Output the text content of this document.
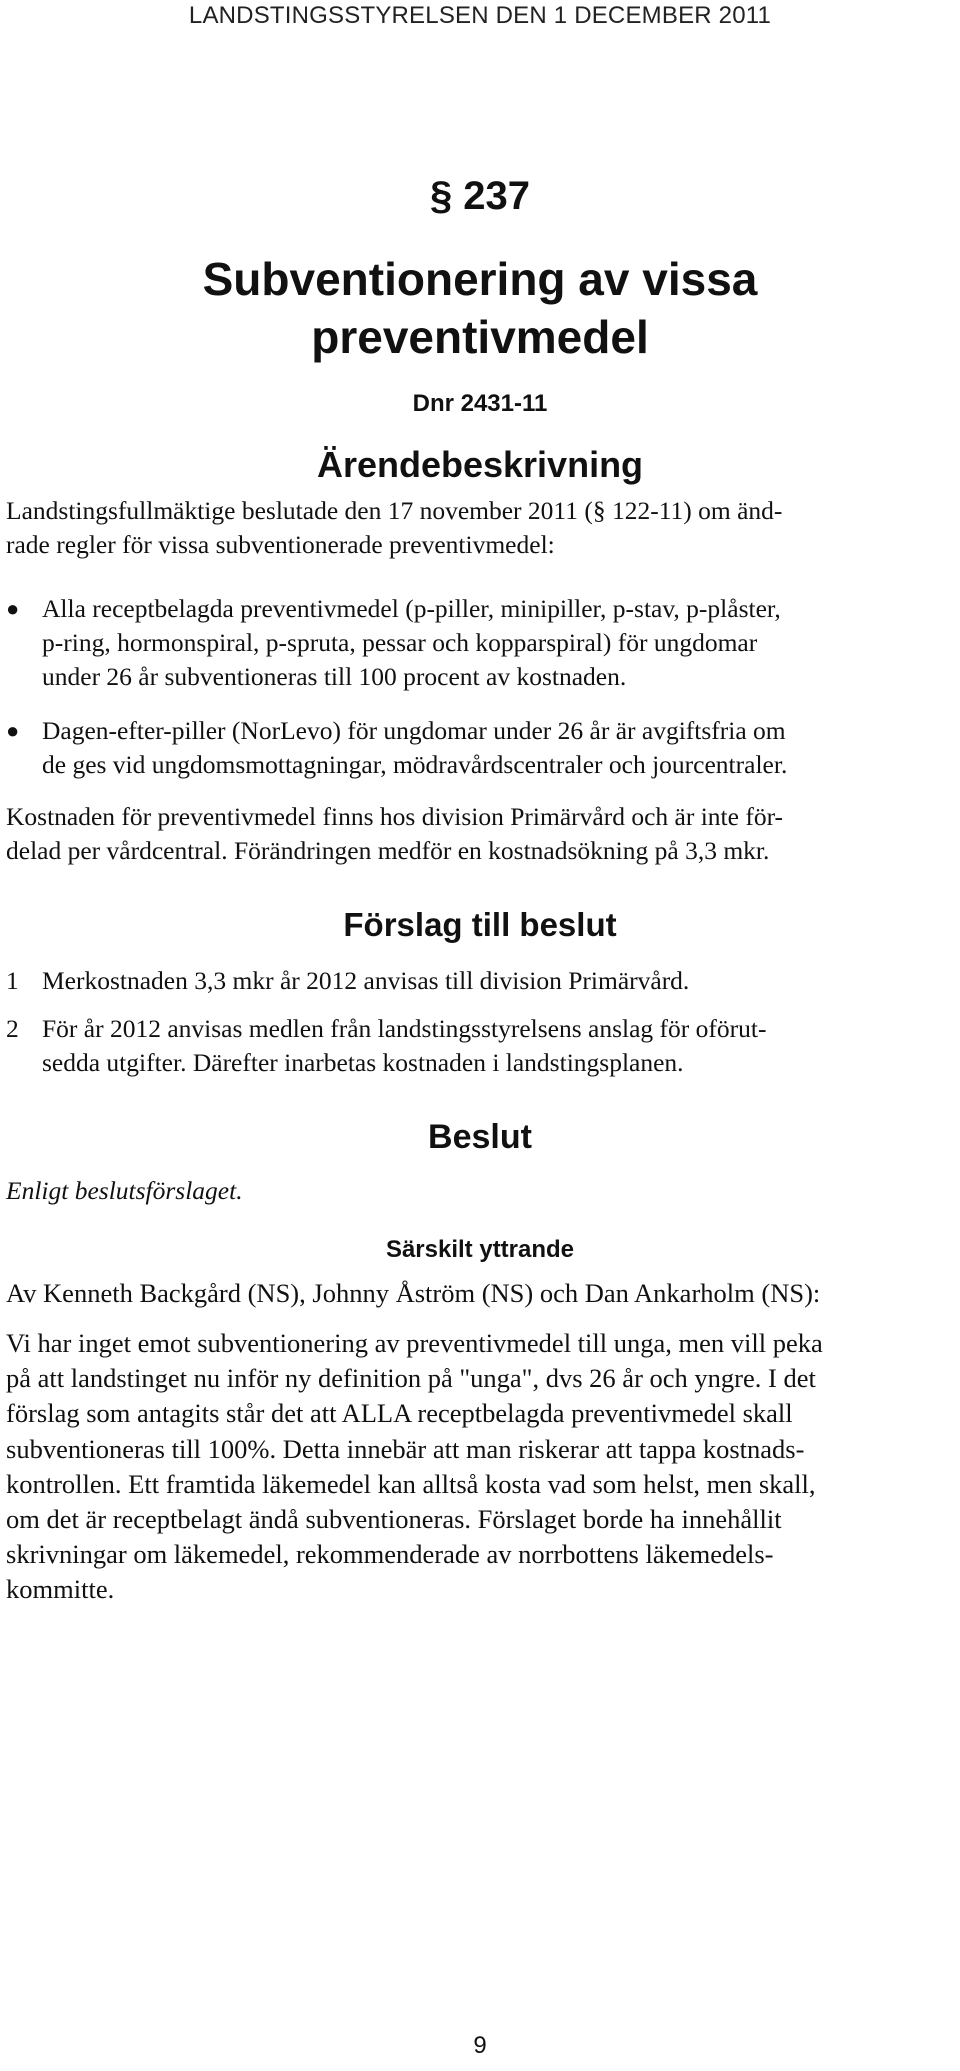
LANDSTINGSSTYRELSEN DEN 1 DECEMBER 2011
§ 237
Subventionering av vissa
preventivmedel
Dnr 2431-11
Ärendebeskrivning
Landstingsfullmäktige beslutade den 17 november 2011 (§ 122-11) om änd-
rade regler för vissa subventionerade preventivmedel:
● Alla receptbelagda preventivmedel (p-piller, minipiller, p-stav, p-plåster,
p-ring, hormonspiral, p-spruta, pessar och kopparspiral) för ungdomar
under 26 år subventioneras till 100 procent av kostnaden.
● Dagen-efter-piller (NorLevo) för ungdomar under 26 år är avgiftsfria om
de ges vid ungdomsmottagningar, mödravårdscentraler och jourcentraler.
Kostnaden för preventivmedel finns hos division Primärvård och är inte för-
delad per vårdcentral. Förändringen medför en kostnadsökning på 3,3 mkr.
Förslag till beslut
1 Merkostnaden 3,3 mkr år 2012 anvisas till division Primärvård.
2 För år 2012 anvisas medlen från landstingsstyrelsens anslag för oförut-
sedda utgifter. Därefter inarbetas kostnaden i landstingsplanen.
Beslut
Enligt beslutsförslaget.
Särskilt yttrande
Av Kenneth Backgård (NS), Johnny Åström (NS) och Dan Ankarholm (NS):
Vi har inget emot subventionering av preventivmedel till unga, men vill peka
på att landstinget nu inför ny definition på "unga", dvs 26 år och yngre. I det
förslag som antagits står det att ALLA receptbelagda preventivmedel skall
subventioneras till 100%. Detta innebär att man riskerar att tappa kostnads-
kontrollen. Ett framtida läkemedel kan alltså kosta vad som helst, men skall,
om det är receptbelagt ändå subventioneras. Förslaget borde ha innehållit
skrivningar om läkemedel, rekommenderade av norrbottens läkemedels-
kommitte.
9
